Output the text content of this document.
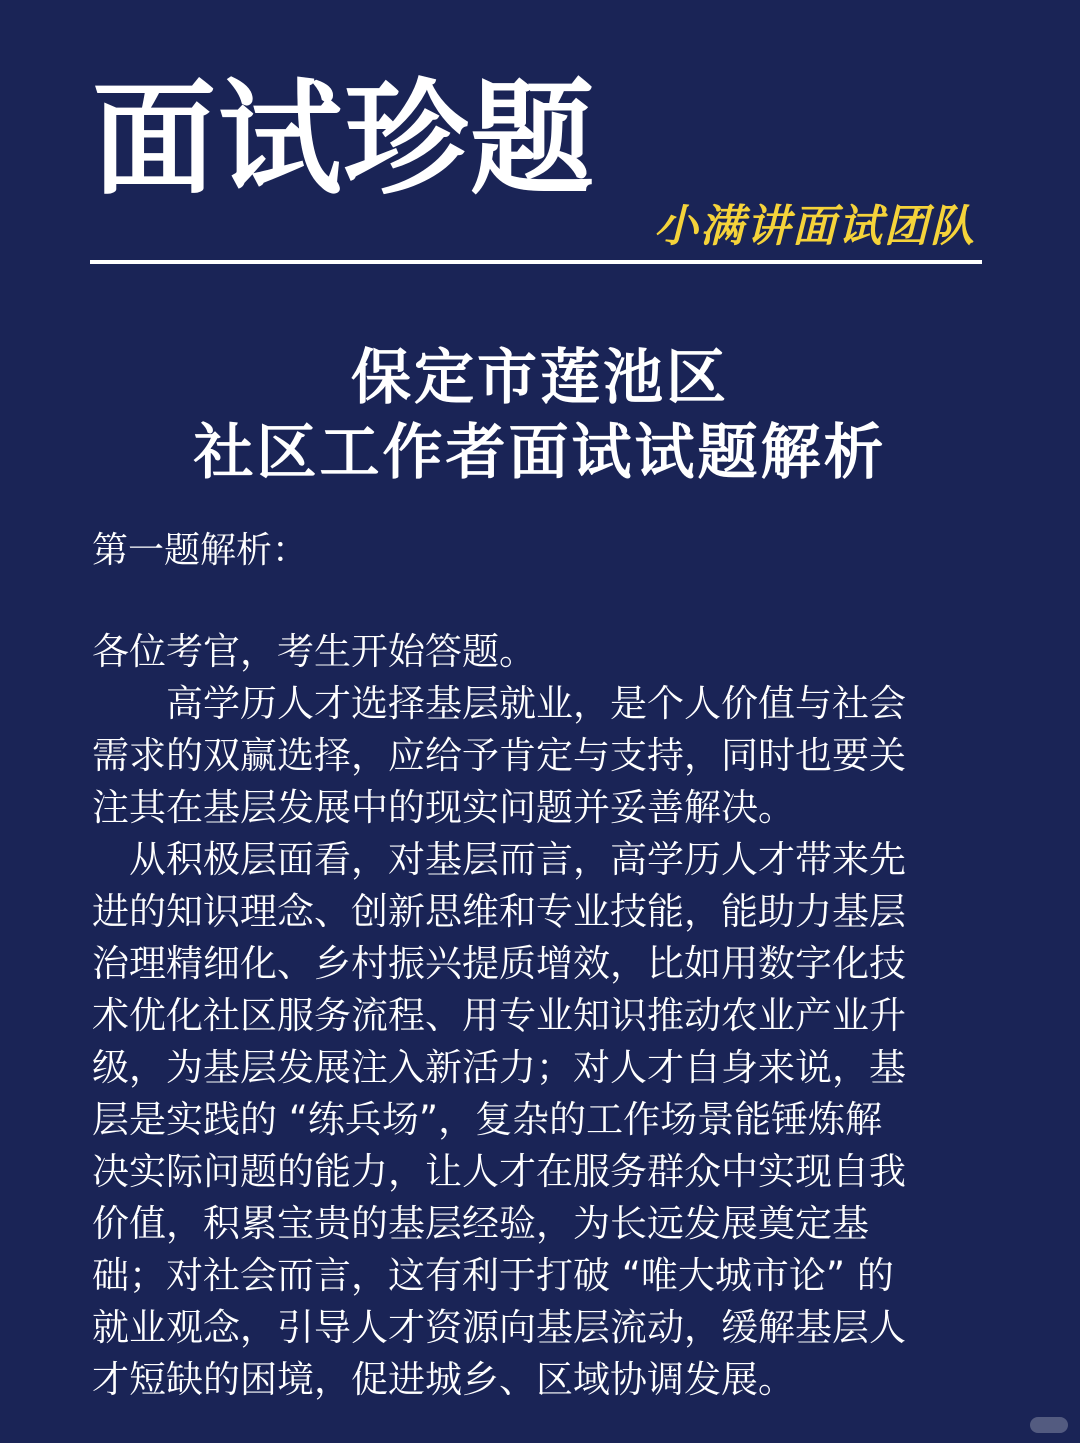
面试珍题
小满讲面试团队
保定市莲池区
社区工作者面试试题解析
第一题解析：
各位考官，考生开始答题。
　　高学历人才选择基层就业，是个人价值与社会
需求的双赢选择，应给予肯定与支持，同时也要关
注其在基层发展中的现实问题并妥善解决。
　从积极层面看，对基层而言，高学历人才带来先
进的知识理念、创新思维和专业技能，能助力基层
治理精细化、乡村振兴提质增效，比如用数字化技
术优化社区服务流程、用专业知识推动农业产业升
级，为基层发展注入新活力；对人才自身来说，基
层是实践的 “练兵场”，复杂的工作场景能锤炼解
决实际问题的能力，让人才在服务群众中实现自我
价值，积累宝贵的基层经验，为长远发展奠定基
础；对社会而言，这有利于打破 “唯大城市论” 的
就业观念，引导人才资源向基层流动，缓解基层人
才短缺的困境，促进城乡、区域协调发展。
